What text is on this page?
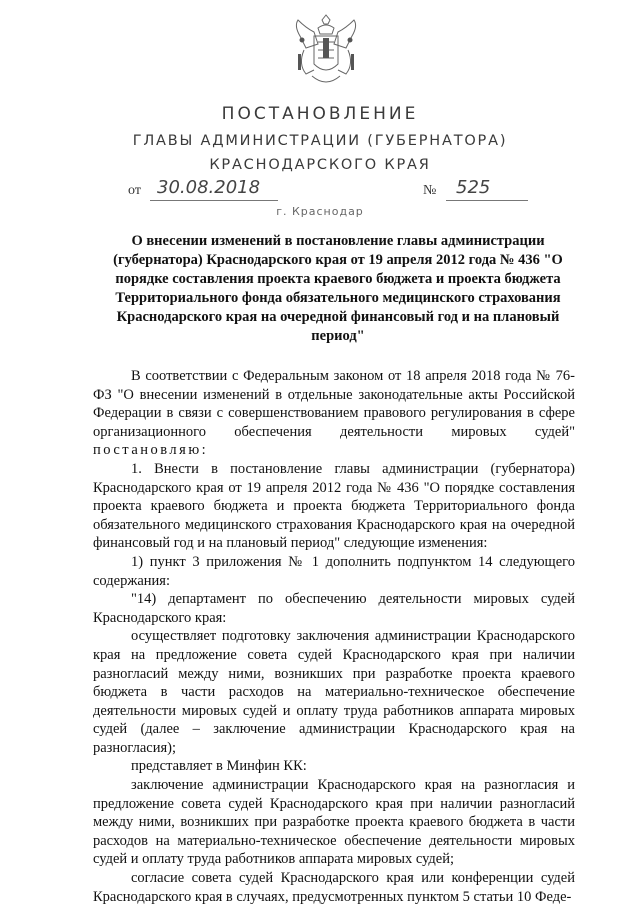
ПОСТАНОВЛЕНИЕ
ГЛАВЫ АДМИНИСТРАЦИИ (ГУБЕРНАТОРА)
КРАСНОДАРСКОГО КРАЯ
от 30.08.2018	№ 525
г. Краснодар
О внесении изменений в постановление главы администрации (губернатора) Краснодарского края от 19 апреля 2012 года № 436 "О порядке составления проекта краевого бюджета и проекта бюджета Территориального фонда обязательного медицинского страхования Краснодарского края на очередной финансовый год и на плановый период"

В соответствии с Федеральным законом от 18 апреля 2018 года № 76-ФЗ "О внесении изменений в отдельные законодательные акты Российской Федерации в связи с совершенствованием правового регулирования в сфере организационного обеспечения деятельности мировых судей" постановляю:

1. Внести в постановление главы администрации (губернатора) Краснодарского края от 19 апреля 2012 года № 436 "О порядке составления проекта краевого бюджета и проекта бюджета Территориального фонда обязательного медицинского страхования Краснодарского края на очередной финансовый год и на плановый период" следующие изменения:

1) пункт 3 приложения № 1 дополнить подпунктом 14 следующего содержания:

"14) департамент по обеспечению деятельности мировых судей Краснодарского края:

осуществляет подготовку заключения администрации Краснодарского края на предложение совета судей Краснодарского края при наличии разногласий между ними, возникших при разработке проекта краевого бюджета в части расходов на материально-техническое обеспечение деятельности мировых судей и оплату труда работников аппарата мировых судей (далее – заключение администрации Краснодарского края на разногласия);

представляет в Минфин КК:

заключение администрации Краснодарского края на разногласия и предложение совета судей Краснодарского края при наличии разногласий между ними, возникших при разработке проекта краевого бюджета в части расходов на материально-техническое обеспечение деятельности мировых судей и оплату труда работников аппарата мировых судей;

согласие совета судей Краснодарского края или конференции судей Краснодарского края в случаях, предусмотренных пунктом 5 статьи 10 Феде-
